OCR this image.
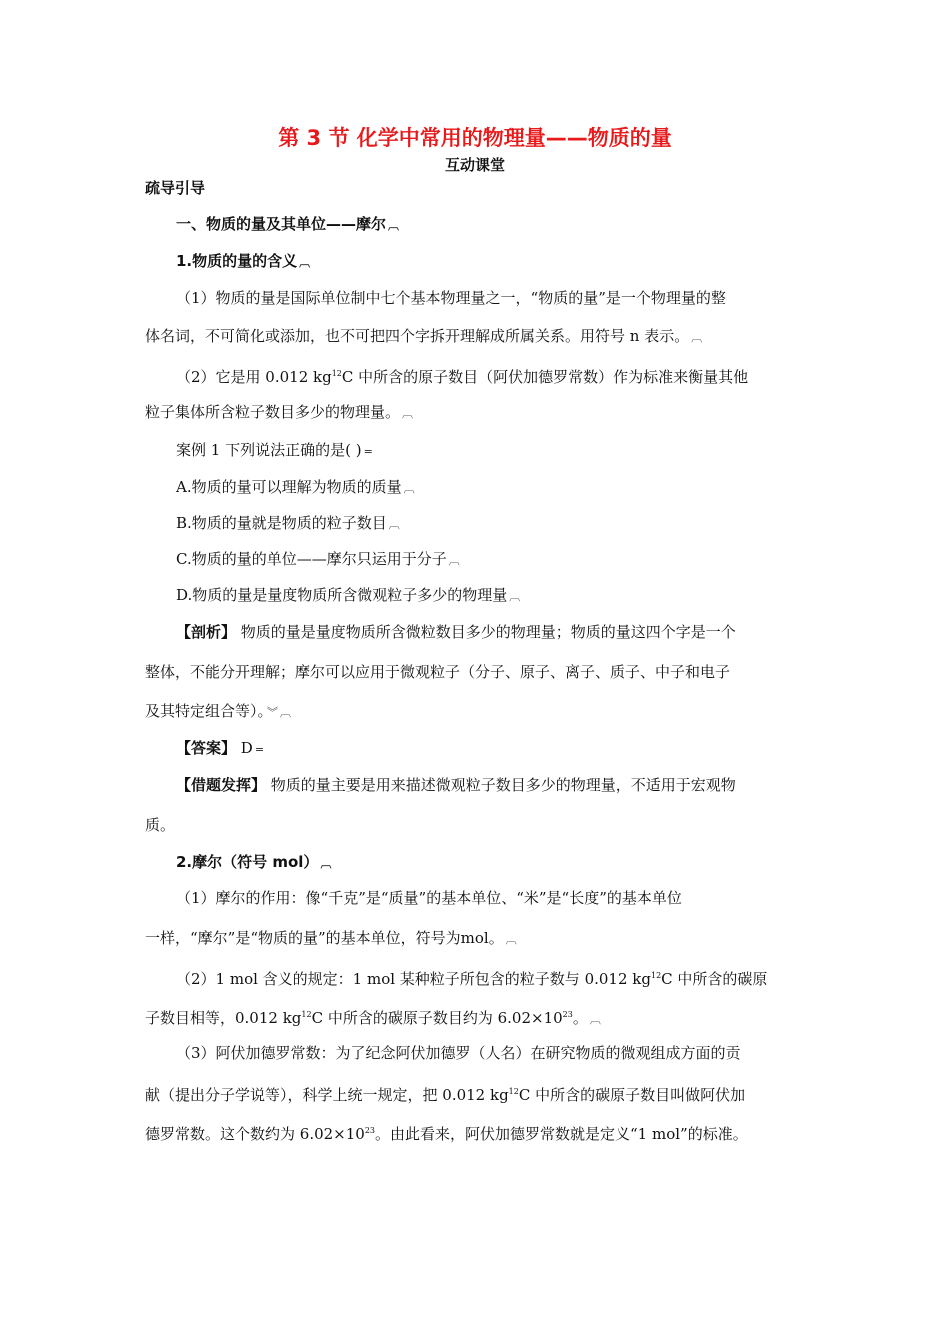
第 3 节 化学中常用的物理量——物质的量
互动课堂
疏导引导
一、物质的量及其单位——摩尔 ︹
1.物质的量的含义 ︹
（1）物质的量是国际单位制中七个基本物理量之一，“物质的量”是一个物理量的整
体名词，不可简化或添加，也不可把四个字拆开理解成所属关系。用符号 n 表示。 ︹
（2）它是用 0.012 $kg^{12}C$ 中所含的原子数目（阿伏加德罗常数）作为标准来衡量其他
粒子集体所含粒子数目多少的物理量。 ︹
案例 1 下列说法正确的是( ) =
A.物质的量可以理解为物质的质量 ︹
B.物质的量就是物质的粒子数目 ︹
C.物质的量的单位——摩尔只运用于分子 ︹
D.物质的量是量度物质所含微观粒子多少的物理量 ︹
【剖析】 物质的量是量度物质所含微粒数目多少的物理量；物质的量这四个字是一个
整体，不能分开理解；摩尔可以应用于微观粒子（分子、原子、离子、质子、中子和电子
及其特定组合等）。 ︾ ︹
【答案】 D =
【借题发挥】 物质的量主要是用来描述微观粒子数目多少的物理量，不适用于宏观物
质。
2.摩尔（符号 mol） ︹
（1）摩尔的作用：像“千克”是“质量”的基本单位、“米”是“长度”的基本单位
一样，“摩尔”是“物质的量”的基本单位，符号为mol。 ︹
（2）1 mol 含义的规定：1 mol 某种粒子所包含的粒子数与 0.012 $kg^{12}C$ 中所含的碳原
子数目相等，0.012 $kg^{12}C$ 中所含的碳原子数目约为 $6.02\times 10^{23}$。 ︹
（3）阿伏加德罗常数：为了纪念阿伏加德罗（人名）在研究物质的微观组成方面的贡
献（提出分子学说等），科学上统一规定，把 0.012 $kg^{12}C$ 中所含的碳原子数目叫做阿伏加
德罗常数。这个数约为 $6.02\times 10^{23}$。由此看来，阿伏加德罗常数就是定义“1 mol”的标准。
